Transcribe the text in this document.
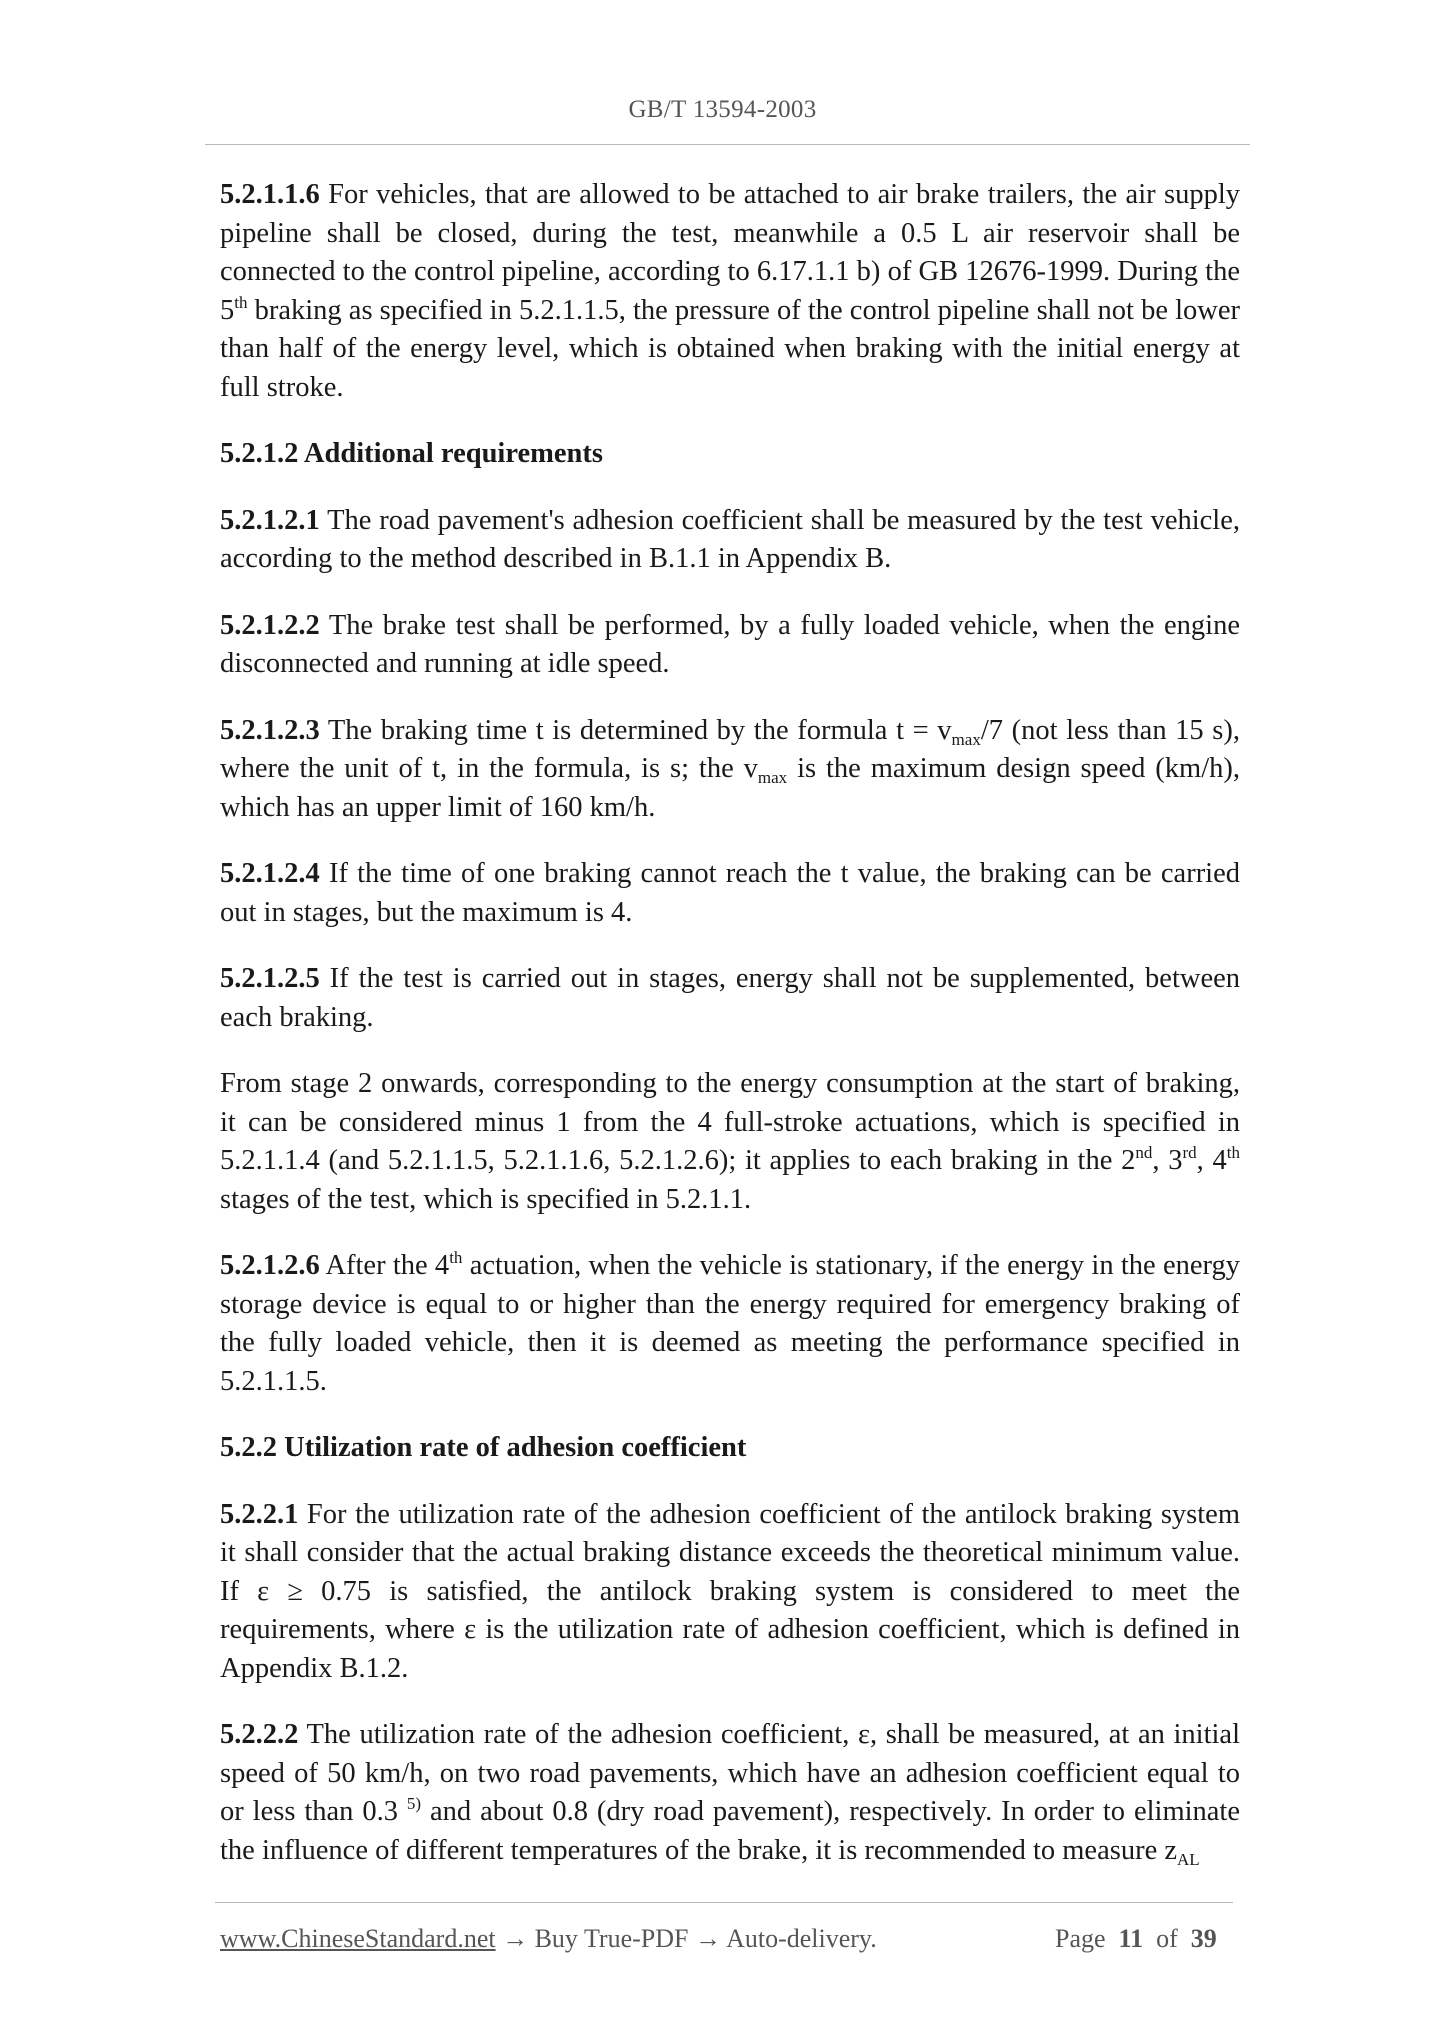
GB/T 13594-2003

5.2.1.1.6 For vehicles, that are allowed to be attached to air brake trailers, the air supply pipeline shall be closed, during the test, meanwhile a 0.5 L air reservoir shall be connected to the control pipeline, according to 6.17.1.1 b) of GB 12676-1999. During the 5th braking as specified in 5.2.1.1.5, the pressure of the control pipeline shall not be lower than half of the energy level, which is obtained when braking with the initial energy at full stroke.

5.2.1.2 Additional requirements

5.2.1.2.1 The road pavement's adhesion coefficient shall be measured by the test vehicle, according to the method described in B.1.1 in Appendix B.

5.2.1.2.2 The brake test shall be performed, by a fully loaded vehicle, when the engine disconnected and running at idle speed.

5.2.1.2.3 The braking time t is determined by the formula $t = v_{max}/7$ (not less than 15 s), where the unit of t, in the formula, is s; the $v_{max}$ is the maximum design speed (km/h), which has an upper limit of 160 km/h.

5.2.1.2.4 If the time of one braking cannot reach the t value, the braking can be carried out in stages, but the maximum is 4.

5.2.1.2.5 If the test is carried out in stages, energy shall not be supplemented, between each braking.

From stage 2 onwards, corresponding to the energy consumption at the start of braking, it can be considered minus 1 from the 4 full-stroke actuations, which is specified in 5.2.1.1.4 (and 5.2.1.1.5, 5.2.1.1.6, 5.2.1.2.6); it applies to each braking in the 2nd, 3rd, 4th stages of the test, which is specified in 5.2.1.1.

5.2.1.2.6 After the 4th actuation, when the vehicle is stationary, if the energy in the energy storage device is equal to or higher than the energy required for emergency braking of the fully loaded vehicle, then it is deemed as meeting the performance specified in 5.2.1.1.5.

5.2.2 Utilization rate of adhesion coefficient

5.2.2.1 For the utilization rate of the adhesion coefficient of the antilock braking system it shall consider that the actual braking distance exceeds the theoretical minimum value. If ε ≥ 0.75 is satisfied, the antilock braking system is considered to meet the requirements, where ε is the utilization rate of adhesion coefficient, which is defined in Appendix B.1.2.

5.2.2.2 The utilization rate of the adhesion coefficient, ε, shall be measured, at an initial speed of 50 km/h, on two road pavements, which have an adhesion coefficient equal to or less than 0.3 $^{5)}$ and about 0.8 (dry road pavement), respectively. In order to eliminate the influence of different temperatures of the brake, it is recommended to measure $z_{AL}$

www.ChineseStandard.net → Buy True-PDF → Auto-delivery.	Page 11 of 39
